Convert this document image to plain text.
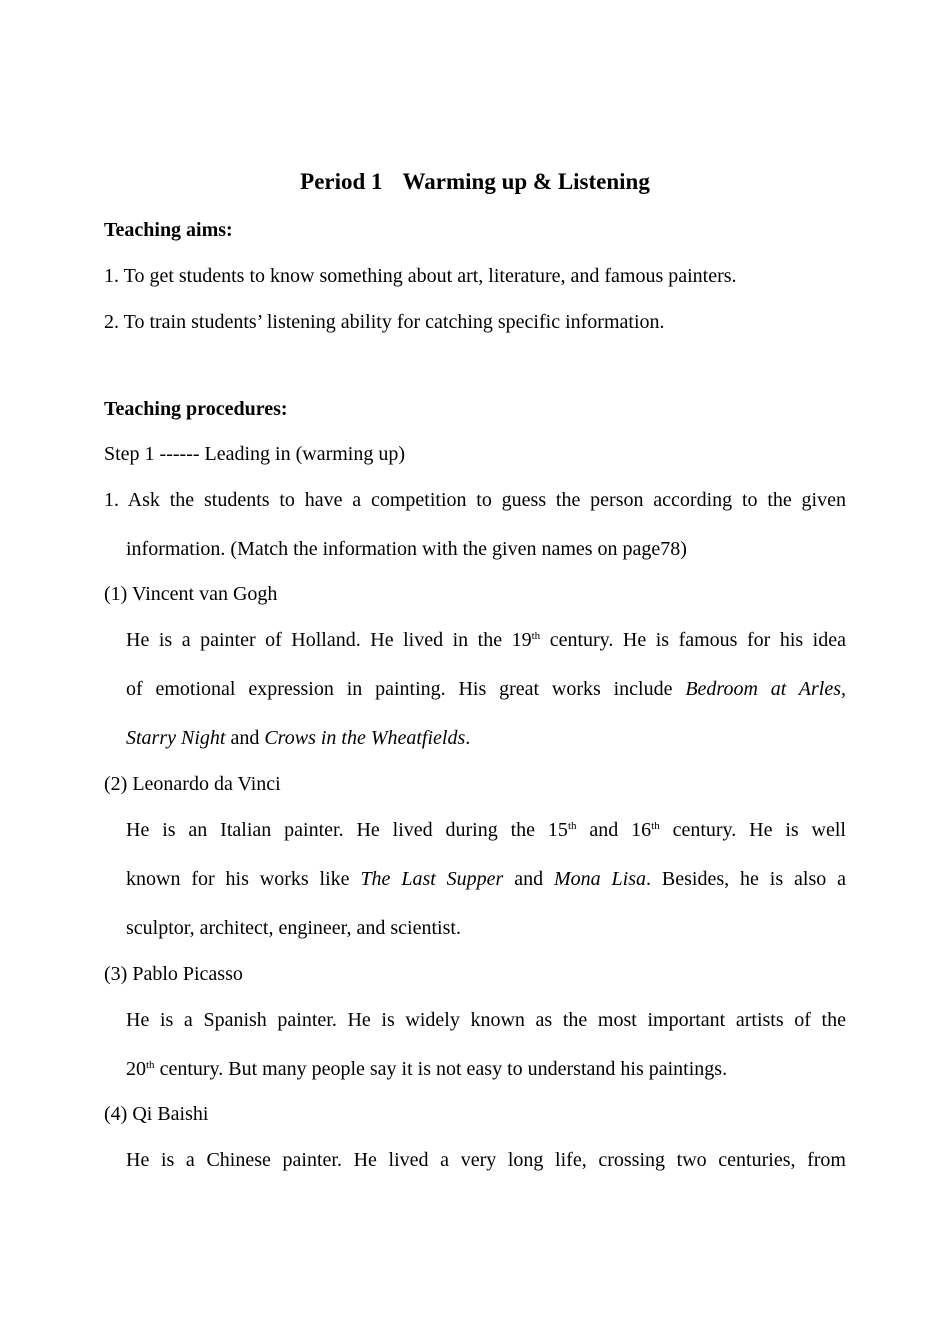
Period 1 Warming up & Listening
Teaching aims:
1. To get students to know something about art, literature, and famous painters.
2. To train students’ listening ability for catching specific information.
Teaching procedures:
Step 1 ------ Leading in (warming up)
1. Ask the students to have a competition to guess the person according to the given
information. (Match the information with the given names on page78)
(1) Vincent van Gogh
He is a painter of Holland. He lived in the 19th century. He is famous for his idea
of emotional expression in painting. His great works include Bedroom at Arles,
Starry Night and Crows in the Wheatfields.
(2) Leonardo da Vinci
He is an Italian painter. He lived during the 15th and 16th century. He is well
known for his works like The Last Supper and Mona Lisa. Besides, he is also a
sculptor, architect, engineer, and scientist.
(3) Pablo Picasso
He is a Spanish painter. He is widely known as the most important artists of the
20th century. But many people say it is not easy to understand his paintings.
(4) Qi Baishi
He is a Chinese painter. He lived a very long life, crossing two centuries, from
